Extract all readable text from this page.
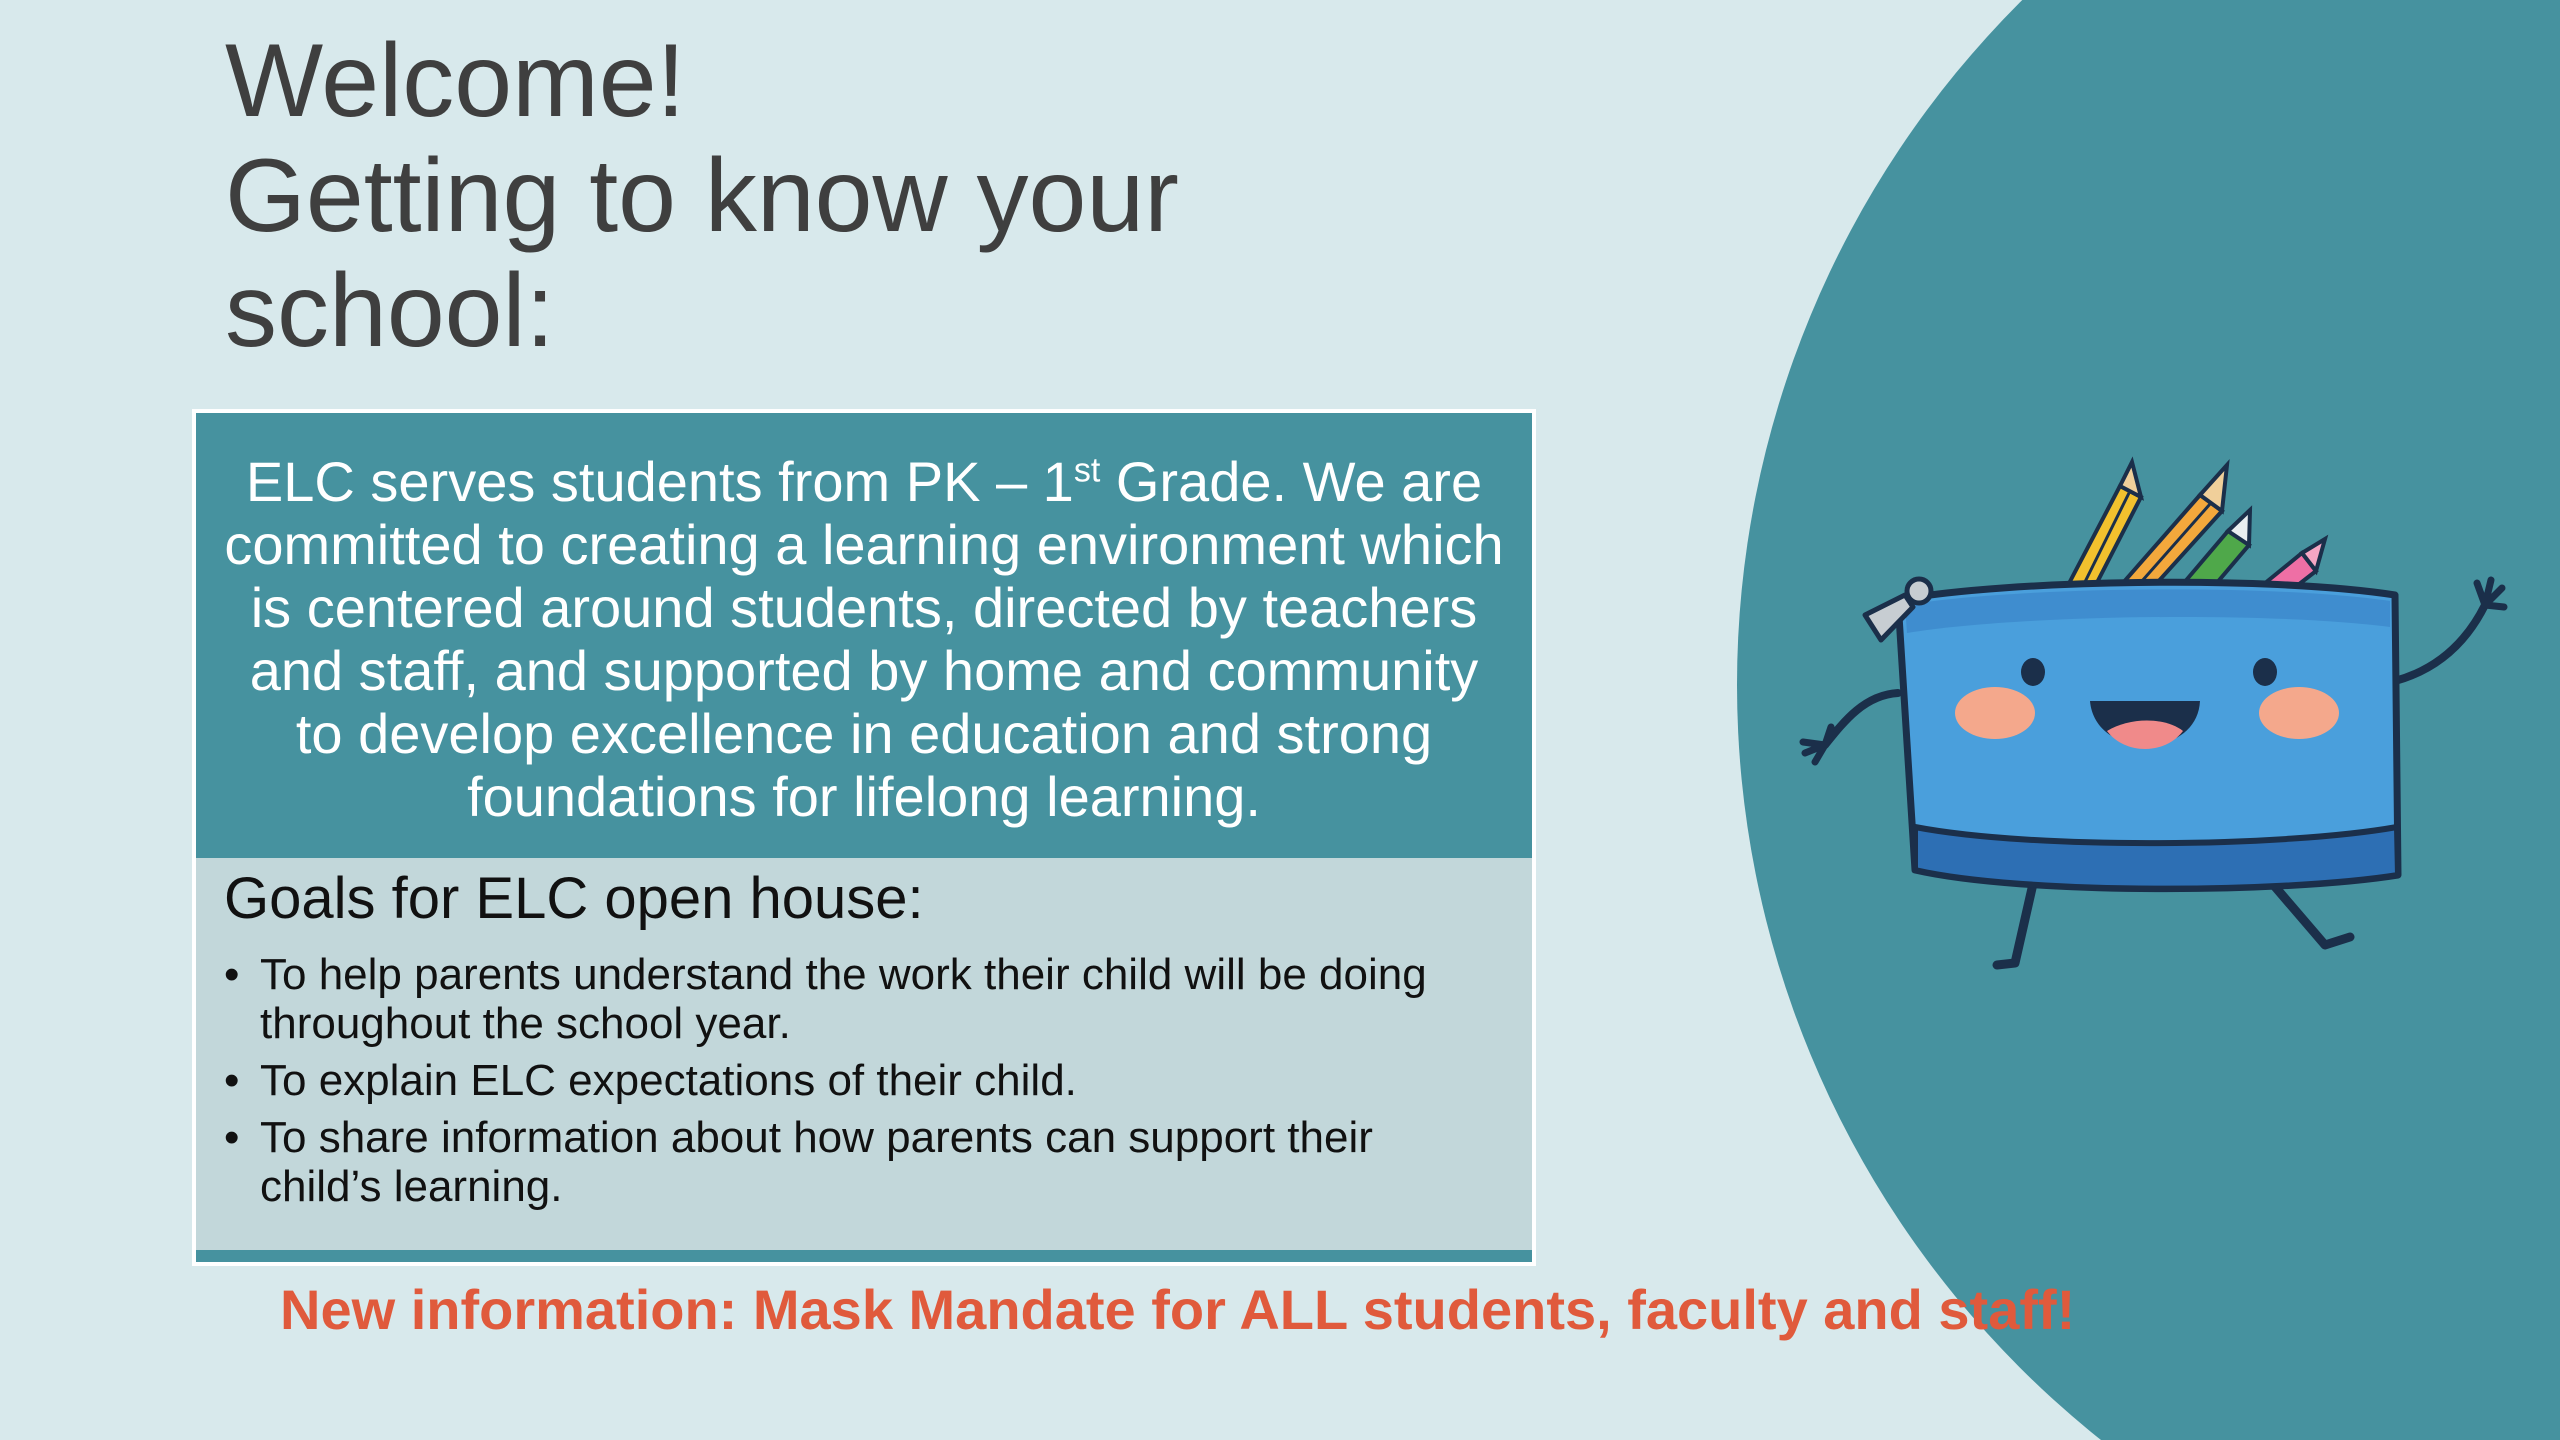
Welcome!
Getting to know your
school:
ELC serves students from PK – 1st Grade. We are committed to creating a learning environment which is centered around students, directed by teachers and staff, and supported by home and community to develop excellence in education and strong foundations for lifelong learning.
Goals for ELC open house:
• To help parents understand the work their child will be doing throughout the school year.
• To explain ELC expectations of their child.
• To share information about how parents can support their child’s learning.
New information: Mask Mandate for ALL students, faculty and staff!
